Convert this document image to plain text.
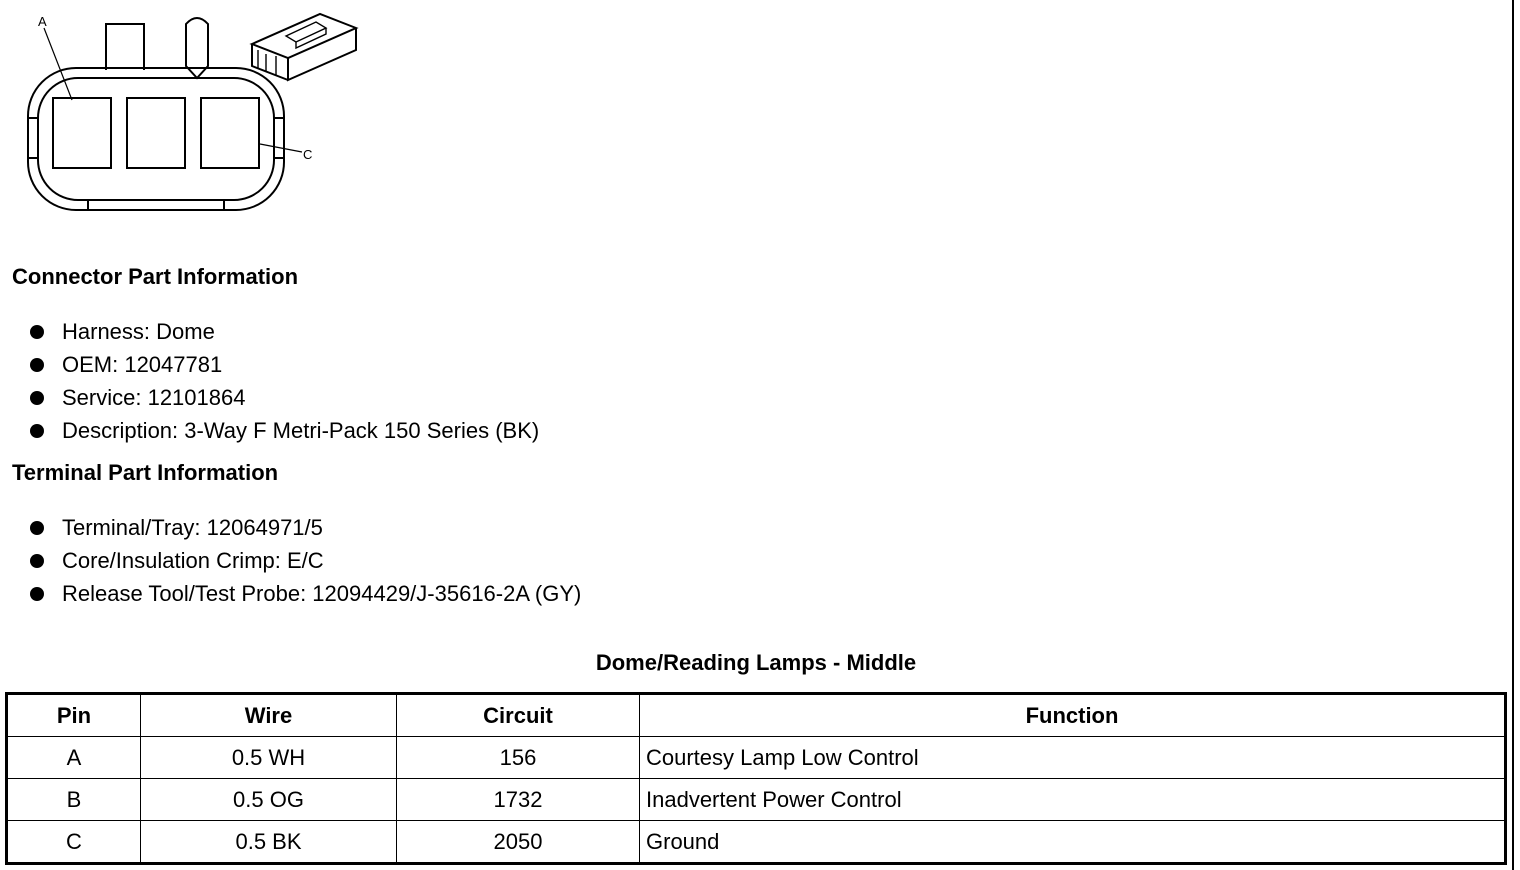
A
C
Connector Part Information
Harness: Dome
OEM: 12047781
Service: 12101864
Description: 3-Way F Metri-Pack 150 Series (BK)
Terminal Part Information
Terminal/Tray: 12064971/5
Core/Insulation Crimp: E/C
Release Tool/Test Probe: 12094429/J-35616-2A (GY)
Dome/Reading Lamps - Middle
Pin	Wire	Circuit	Function
A	0.5 WH	156	Courtesy Lamp Low Control
B	0.5 OG	1732	Inadvertent Power Control
C	0.5 BK	2050	Ground
